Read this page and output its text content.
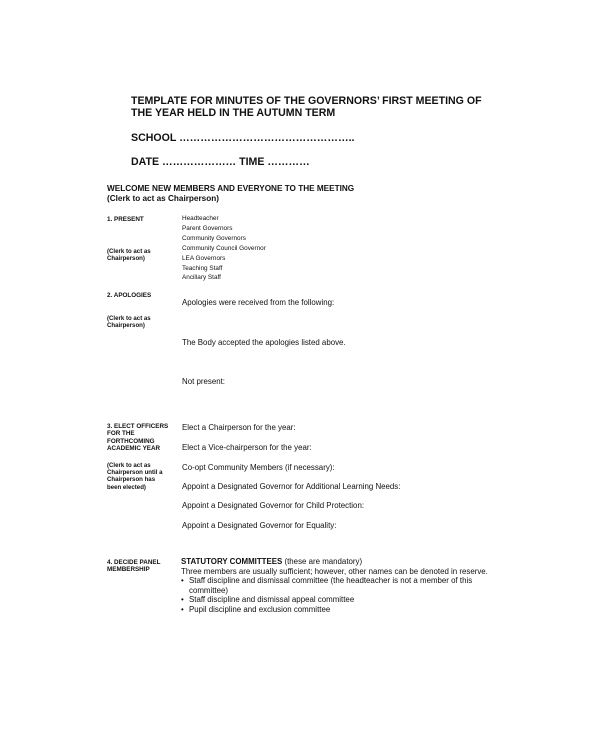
TEMPLATE FOR MINUTES OF THE GOVERNORS’ FIRST MEETING OF THE YEAR HELD IN THE AUTUMN TERM
SCHOOL …………………………………………..
DATE ………………… TIME …………
WELCOME NEW MEMBERS AND EVERYONE TO THE MEETING
(Clerk to act as Chairperson)
1. PRESENT
(Clerk to act as Chairperson)
Headteacher
Parent Governors
Community Governors
Community Council Governor
LEA Governors
Teaching Staff
Ancillary Staff
2. APOLOGIES
(Clerk to act as Chairperson)
Apologies were received from the following:
The Body accepted the apologies listed above.
Not present:
3. ELECT OFFICERS FOR THE FORTHCOMING ACADEMIC YEAR
(Clerk to act as Chairperson until a Chairperson has been elected)
Elect a Chairperson for the year:
Elect a Vice-chairperson for the year:
Co-opt Community Members (if necessary):
Appoint a Designated Governor for Additional Learning Needs:
Appoint a Designated Governor for Child Protection:
Appoint a Designated Governor for Equality:
4. DECIDE PANEL MEMBERSHIP
STATUTORY COMMITTEES (these are mandatory)
Three members are usually sufficient; however, other names can be denoted in reserve.
• Staff discipline and dismissal committee (the headteacher is not a member of this committee)
• Staff discipline and dismissal appeal committee
• Pupil discipline and exclusion committee
